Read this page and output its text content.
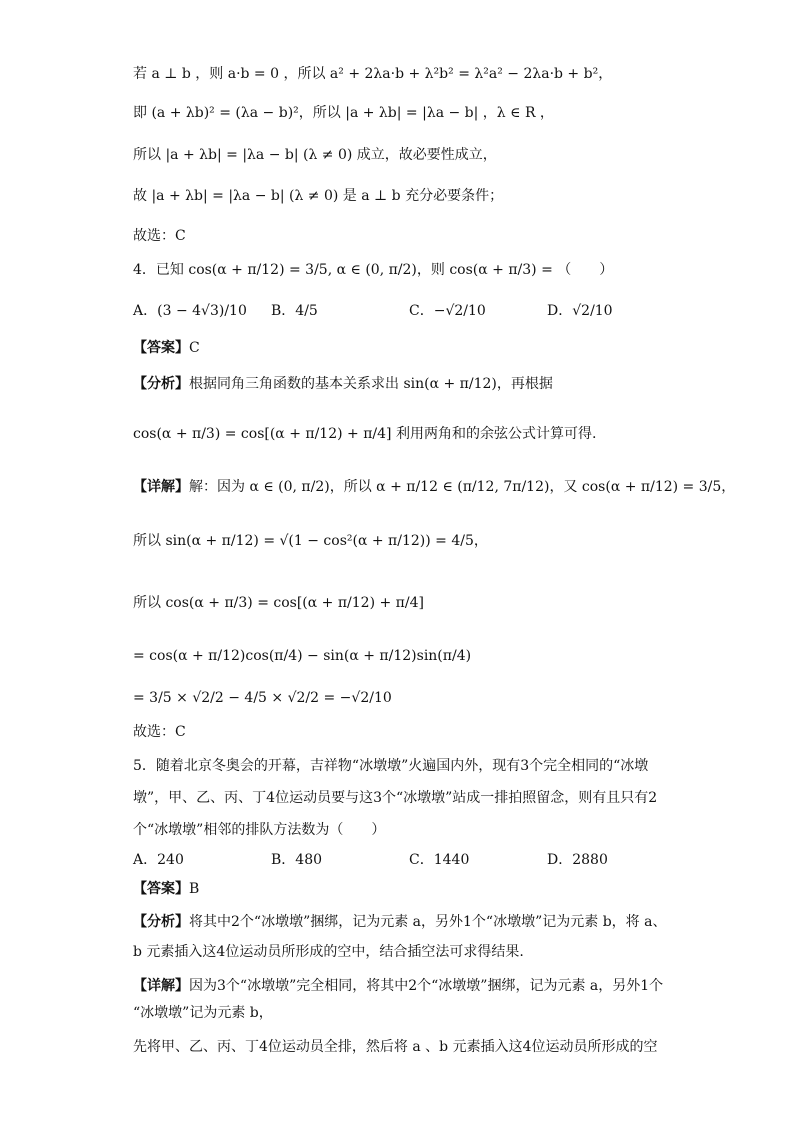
若 a ⊥ b ，则 a·b = 0 ，所以 a² + 2λa·b + λ²b² = λ²a² − 2λa·b + b²，
即 (a + λb)² = (λa − b)²，所以 |a + λb| = |λa − b| ，λ ∈ R ，
所以 |a + λb| = |λa − b| (λ ≠ 0) 成立，故必要性成立，
故 |a + λb| = |λa − b| (λ ≠ 0) 是 a ⊥ b 充分必要条件；
故选：C
4．已知 cos(α + π/12) = 3/5, α ∈ (0, π/2)，则 cos(α + π/3) = （　　）
A．(3 − 4√3)/10 B．4/5	C．−√2/10	D．√2/10
【答案】C
【分析】根据同角三角函数的基本关系求出 sin(α + π/12)，再根据
cos(α + π/3) = cos[(α + π/12) + π/4] 利用两角和的余弦公式计算可得.
【详解】解：因为 α ∈ (0, π/2)，所以 α + π/12 ∈ (π/12, 7π/12)，又 cos(α + π/12) = 3/5，
所以 sin(α + π/12) = √(1 − cos²(α + π/12)) = 4/5，
所以 cos(α + π/3) = cos[(α + π/12) + π/4]
= cos(α + π/12)cos(π/4) − sin(α + π/12)sin(π/4)
= 3/5 × √2/2 − 4/5 × √2/2 = −√2/10
故选：C
5．随着北京冬奥会的开幕，吉祥物“冰墩墩”火遍国内外，现有3个完全相同的“冰墩
墩”，甲、乙、丙、丁4位运动员要与这3个“冰墩墩”站成一排拍照留念，则有且只有2
个“冰墩墩”相邻的排队方法数为（　　）
A．240	B．480	C．1440	D．2880
【答案】B
【分析】将其中2个“冰墩墩”捆绑，记为元素 a，另外1个“冰墩墩”记为元素 b，将 a、
b 元素插入这4位运动员所形成的空中，结合插空法可求得结果.
【详解】因为3个“冰墩墩”完全相同，将其中2个“冰墩墩”捆绑，记为元素 a，另外1个
“冰墩墩”记为元素 b，
先将甲、乙、丙、丁4位运动员全排，然后将 a 、b 元素插入这4位运动员所形成的空
